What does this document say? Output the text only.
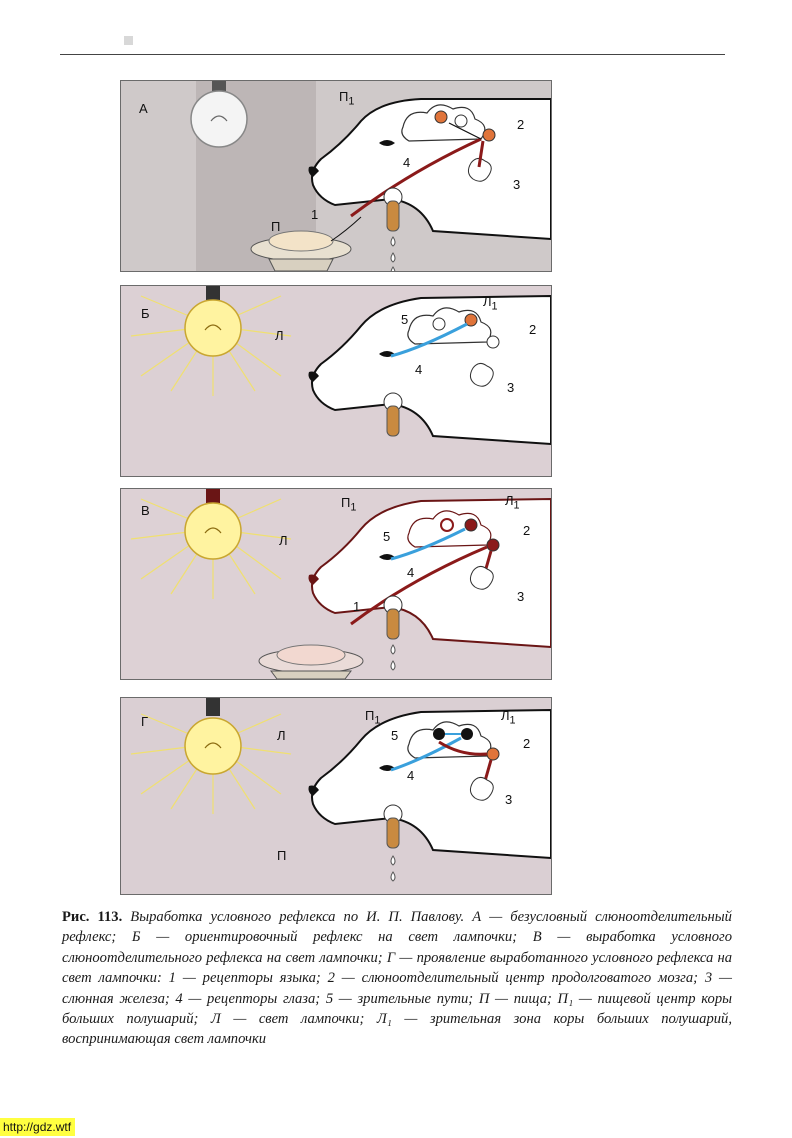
А
П
$П_1$
1
2
3
4
Б
Л
$Л_1$
2
3
4
5
В
Л
$П_1$	$Л_1$
1
2
3
4
5
Г
Л
П
$П_1$	$Л_1$
2
3
4
5
Рис. 113. Выработка условного рефлекса по И. П. Павлову. А — безусловный слюноотделительный рефлекс; Б — ориентировочный рефлекс на свет лампочки; В — выработка условного слюноотделительного рефлекса на свет лампочки; Г — проявление выработанного условного рефлекса на свет лампочки: 1 — рецепторы языка; 2 — слюноотделительный центр продолговатого мозга; 3 — слюнная железа; 4 — рецепторы глаза; 5 — зрительные пути; П — пища; П₁ — пищевой центр коры больших полушарий; Л — свет лампочки; Л₁ — зрительная зона коры больших полушарий, воспринимающая свет лампочки
http://gdz.wtf
